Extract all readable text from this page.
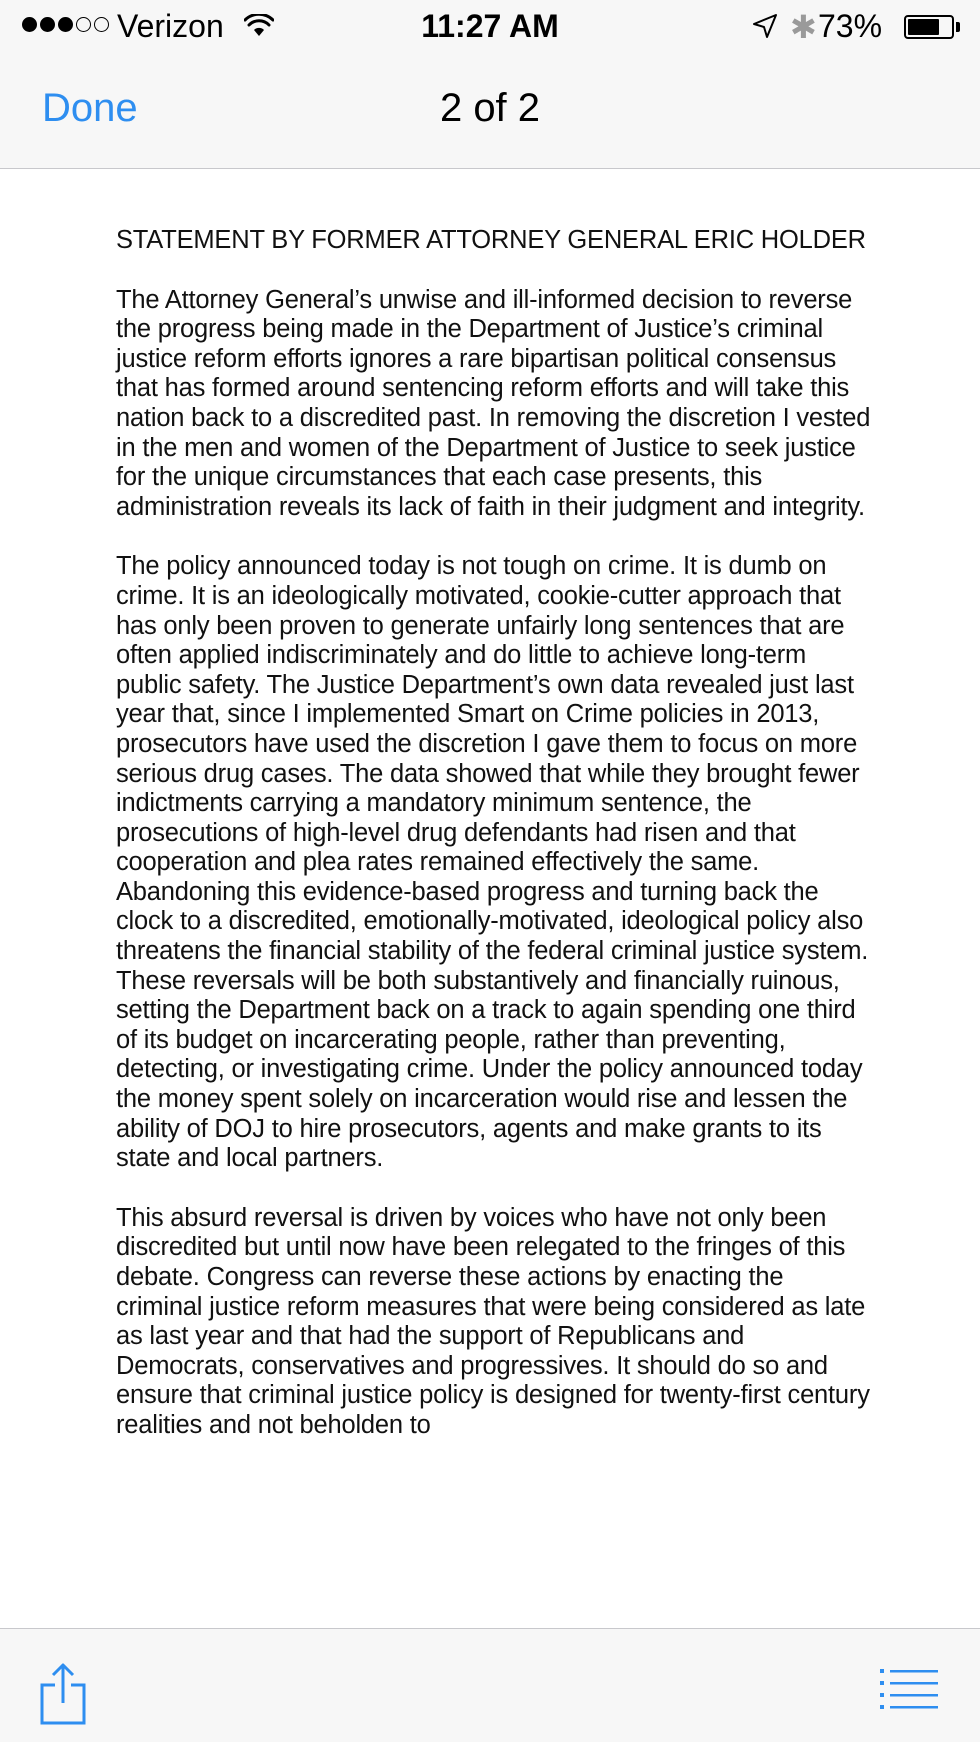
Verizon	11:27 AM	✱ 73%
Done	2 of 2

STATEMENT BY FORMER ATTORNEY GENERAL ERIC HOLDER

The Attorney General’s unwise and ill-informed decision to reverse the progress being made in the Department of Justice’s criminal justice reform efforts ignores a rare bipartisan political consensus that has formed around sentencing reform efforts and will take this nation back to a discredited past. In removing the discretion I vested in the men and women of the Department of Justice to seek justice for the unique circumstances that each case presents, this administration reveals its lack of faith in their judgment and integrity.

The policy announced today is not tough on crime. It is dumb on crime. It is an ideologically motivated, cookie-cutter approach that has only been proven to generate unfairly long sentences that are often applied indiscriminately and do little to achieve long-term public safety. The Justice Department’s own data revealed just last year that, since I implemented Smart on Crime policies in 2013, prosecutors have used the discretion I gave them to focus on more serious drug cases. The data showed that while they brought fewer indictments carrying a mandatory minimum sentence, the prosecutions of high-level drug defendants had risen and that cooperation and plea rates remained effectively the same. Abandoning this evidence-based progress and turning back the clock to a discredited, emotionally-motivated, ideological policy also threatens the financial stability of the federal criminal justice system. These reversals will be both substantively and financially ruinous, setting the Department back on a track to again spending one third of its budget on incarcerating people, rather than preventing, detecting, or investigating crime. Under the policy announced today the money spent solely on incarceration would rise and lessen the ability of DOJ to hire prosecutors, agents and make grants to its state and local partners.

This absurd reversal is driven by voices who have not only been discredited but until now have been relegated to the fringes of this debate. Congress can reverse these actions by enacting the criminal justice reform measures that were being considered as late as last year and that had the support of Republicans and Democrats, conservatives and progressives. It should do so and ensure that criminal justice policy is designed for twenty-first century realities and not beholden to
